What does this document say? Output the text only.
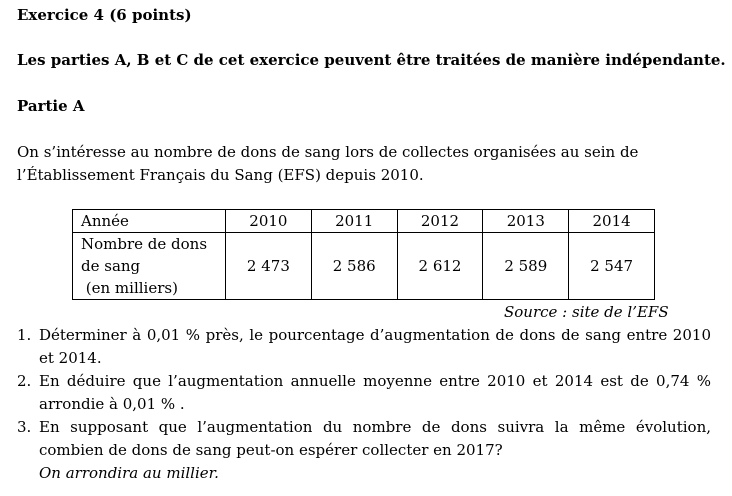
Exercice 4 (6 points)
Les parties A, B et C de cet exercice peuvent être traitées de manière indépendante.
Partie A
On s’intéresse au nombre de dons de sang lors de collectes organisées au sein de l’Établissement Français du Sang (EFS) depuis 2010.
Année	2010	2011	2012	2013	2014

Nombre de dons
de sang
(en milliers)	2 473	2 586	2 612	2 589	2 547
Source : site de l’EFS
1. Déterminer à 0,01 % près, le pourcentage d’augmentation de dons de sang entre 2010 et 2014.
2. En déduire que l’augmentation annuelle moyenne entre 2010 et 2014 est de 0,74 % arrondie à 0,01 % .
3. En supposant que l’augmentation du nombre de dons suivra la même évolution, combien de dons de sang peut-on espérer collecter en 2017?
On arrondira au millier.
